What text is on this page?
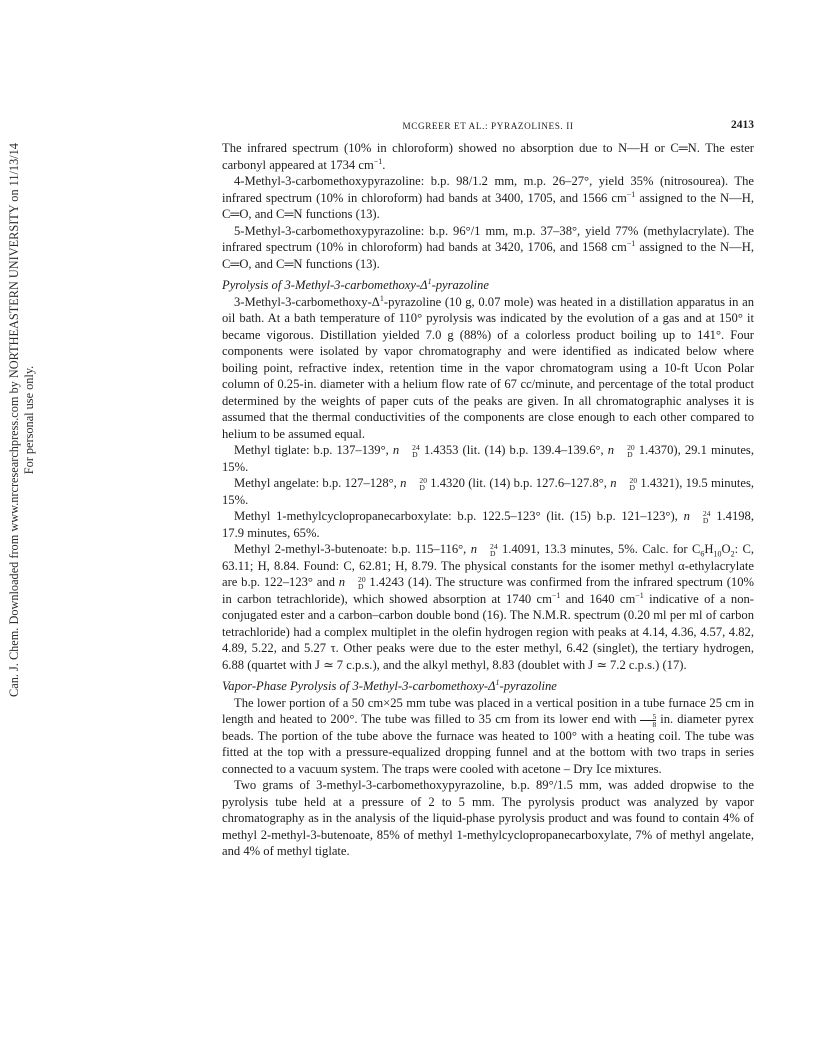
Can. J. Chem. Downloaded from www.nrcresearchpress.com by NORTHEASTERN UNIVERSITY on 11/13/14 For personal use only.
MCGREER ET AL.: PYRAZOLINES. II	2413

The infrared spectrum (10% in chloroform) showed no absorption due to N—H or C═N. The ester carbonyl appeared at 1734 $cm^{-1}$.

4-Methyl-3-carbomethoxypyrazoline: b.p. 98/1.2 mm, m.p. 26–27°, yield 35% (nitrosourea). The infrared spectrum (10% in chloroform) had bands at 3400, 1705, and 1566 $cm^{-1}$ assigned to the N—H, C═O, and C═N functions (13).

5-Methyl-3-carbomethoxypyrazoline: b.p. 96°/1 mm, m.p. 37–38°, yield 77% (methylacrylate). The infrared spectrum (10% in chloroform) had bands at 3420, 1706, and 1568 $cm^{-1}$ assigned to the N—H, C═O, and C═N functions (13).

Pyrolysis of $3-Methyl-3-carbomethoxy-\Delta^1$-pyrazoline

$3-Methyl-3-carbomethoxy-\Delta^1$-pyrazoline (10 g, 0.07 mole) was heated in a distillation apparatus in an oil bath. At a bath temperature of 110° pyrolysis was indicated by the evolution of a gas and at 150° it became vigorous. Distillation yielded 7.0 g (88%) of a colorless product boiling up to 141°. Four components were isolated by vapor chromatography and were identified as indicated below where boiling point, refractive index, retention time in the vapor chromatogram using a 10-ft Ucon Polar column of 0.25-in. diameter with a helium flow rate of 67 cc/minute, and percentage of the total product determined by the weights of paper cuts of the peaks are given. In all chromatographic analyses it is assumed that the thermal conductivities of the components are close enough to each other compared to helium to be assumed equal.

Methyl tiglate: b.p. 137–139°, n	24
D 1.4353 (lit. (14) b.p. 139.4–139.6°, n	20
D 1.4370), 29.1 minutes, 15%.

Methyl angelate: b.p. 127–128°, n	20
D 1.4320 (lit. (14) b.p. 127.6–127.8°, n	20
D 1.4321), 19.5 minutes, 15%.

Methyl 1-methylcyclopropanecarboxylate: b.p. 122.5–123° (lit. (15) b.p. 121–123°), n	24
D 1.4198, 17.9 minutes, 65%.

Methyl 2-methyl-3-butenoate: b.p. 115–116°, n	24
D 1.4091, 13.3 minutes, 5%. Calc. for $C_6H_{10}O_2$: C, 63.11; H, 8.84. Found: C, 62.81; H, 8.79. The physical constants for the isomer methyl α-ethylacrylate are b.p. 122–123° and n	20
D 1.4243 (14). The structure was confirmed from the infrared spectrum (10% in carbon tetrachloride), which showed absorption at 1740 $cm^{-1}$ and 1640 $cm^{-1}$ indicative of a non-conjugated ester and a carbon–carbon double bond (16). The N.M.R. spectrum (0.20 ml per ml of carbon tetrachloride) had a complex multiplet in the olefin hydrogen region with peaks at 4.14, 4.36, 4.57, 4.82, 4.89, 5.22, and 5.27 τ. Other peaks were due to the ester methyl, 6.42 (singlet), the tertiary hydrogen, 6.88 (quartet with J ≃ 7 c.p.s.), and the alkyl methyl, 8.83 (doublet with J ≃ 7.2 c.p.s.) (17).

Vapor-Phase Pyrolysis of $3-Methyl-3-carbomethoxy-\Delta^1$-pyrazoline

The lower portion of a 50 cm×25 mm tube was placed in a vertical position in a tube furnace 25 cm in length and heated to 200°. The tube was filled to 35 cm from its lower end with $\frac{5}{8}$ in. diameter pyrex beads. The portion of the tube above the furnace was heated to 100° with a heating coil. The tube was fitted at the top with a pressure-equalized dropping funnel and at the bottom with two traps in series connected to a vacuum system. The traps were cooled with acetone – Dry Ice mixtures.

Two grams of 3-methyl-3-carbomethoxypyrazoline, b.p. 89°/1.5 mm, was added dropwise to the pyrolysis tube held at a pressure of 2 to 5 mm. The pyrolysis product was analyzed by vapor chromatography as in the analysis of the liquid-phase pyrolysis product and was found to contain 4% of methyl 2-methyl-3-butenoate, 85% of methyl 1-methylcyclopropanecarboxylate, 7% of methyl angelate, and 4% of methyl tiglate.
